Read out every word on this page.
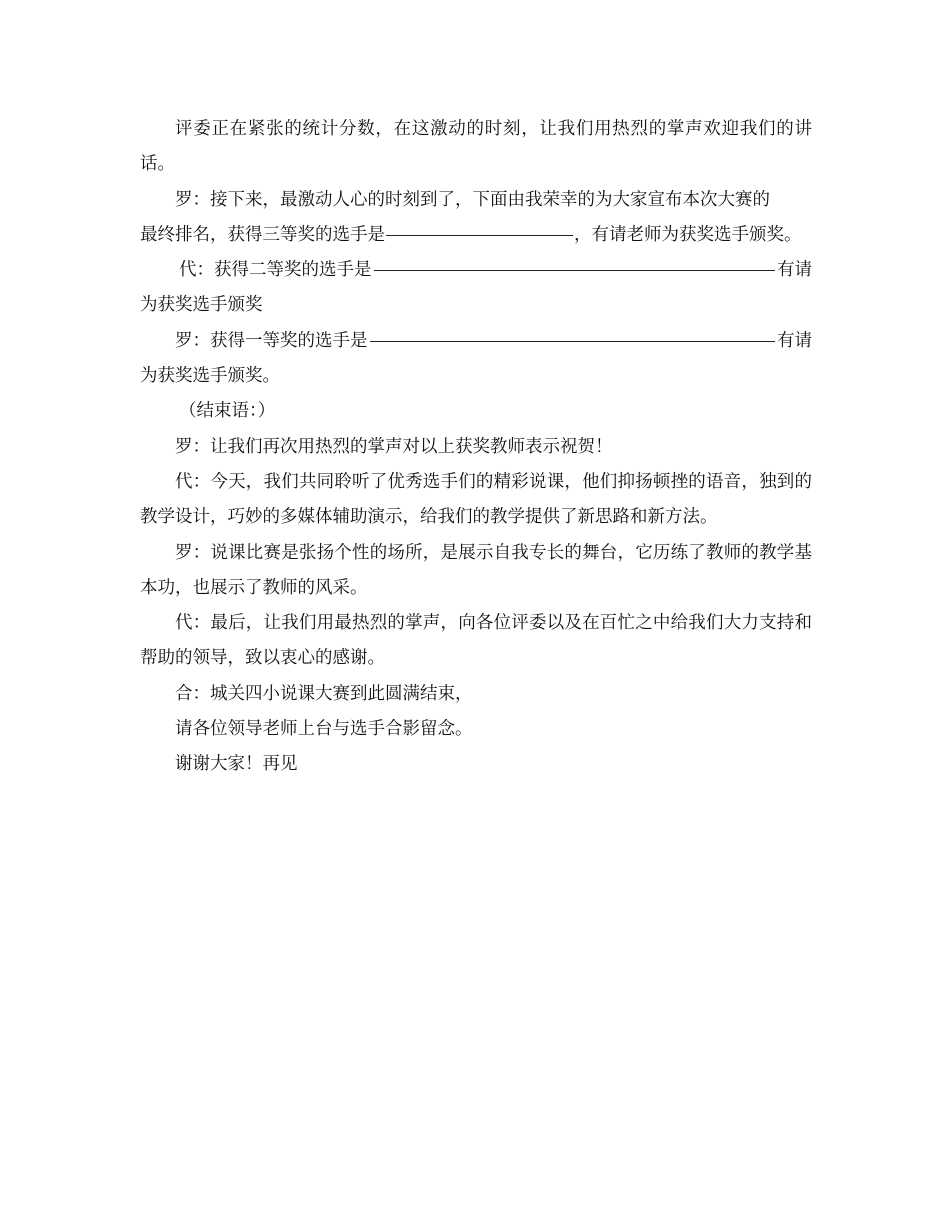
评委正在紧张的统计分数，在这激动的时刻，让我们用热烈的掌声欢迎我们的讲话。

罗：接下来，最激动人心的时刻到了，下面由我荣幸的为大家宣布本次大赛的

最终排名，获得三等奖的选手是	，有请老师为获奖选手颁奖。
代：获得二等奖的选手是	有请

为获奖选手颁奖

罗：获得一等奖的选手是	有请

为获奖选手颁奖。

（结束语：）

罗：让我们再次用热烈的掌声对以上获奖教师表示祝贺！

代：今天，我们共同聆听了优秀选手们的精彩说课，他们抑扬顿挫的语音，独到的教学设计，巧妙的多媒体辅助演示，给我们的教学提供了新思路和新方法。

罗：说课比赛是张扬个性的场所，是展示自我专长的舞台，它历练了教师的教学基本功，也展示了教师的风采。

代：最后，让我们用最热烈的掌声，向各位评委以及在百忙之中给我们大力支持和帮助的领导，致以衷心的感谢。

合：城关四小说课大赛到此圆满结束，

请各位领导老师上台与选手合影留念。

谢谢大家！再见
